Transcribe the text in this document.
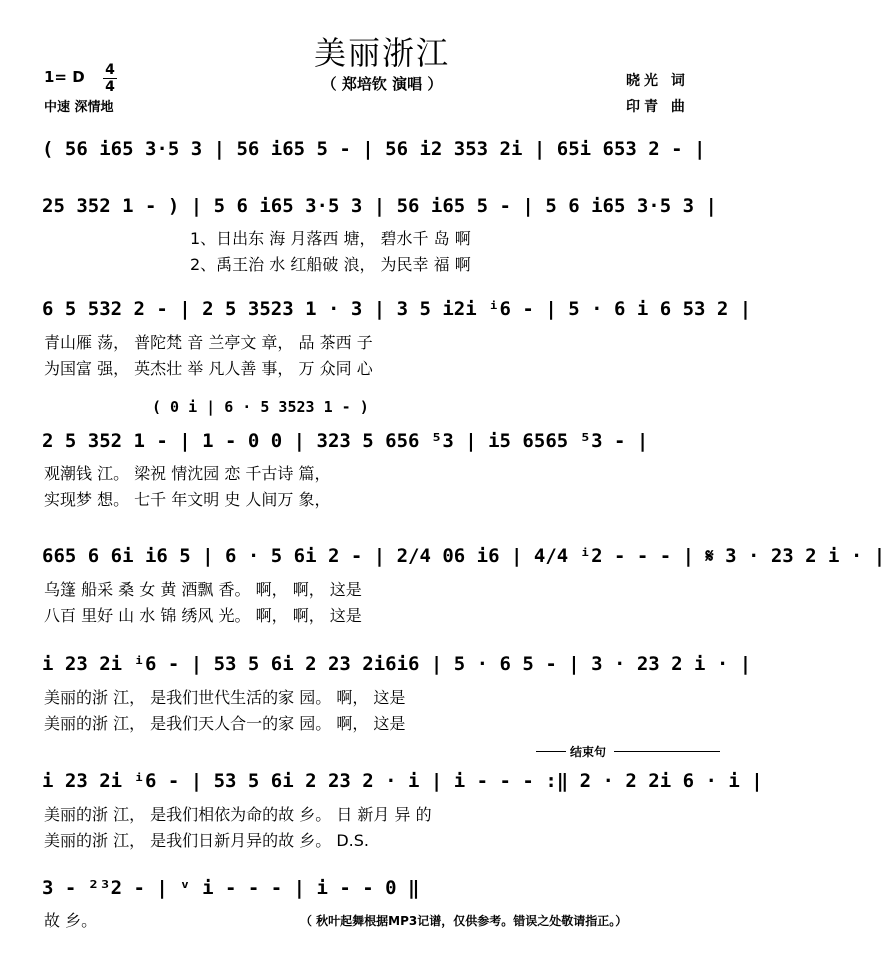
美丽浙江
（ 郑培钦 演唱 ）
1= D	4
4
中速 深情地
晓光 词
印青 曲
( 56 i65 3·5 3 | 56 i65 5 - | 56 i2 353 2i | 65i 653 2 - |
25 352 1 - ) | 5 6 i65 3·5 3 | 56 i65 5 - | 5 6 i65 3·5 3 |
1、日出东 海 月落西 塘， 碧水千 岛 啊
2、禹王治 水 红船破 浪， 为民幸 福 啊
6 5 532 2 - | 2 5 3523 1 · 3 | 3 5 i2i ⁱ6 - | 5 · 6 i 6 53 2 |
青山雁 荡， 普陀梵 音 兰亭文 章， 品 茶西 子
为国富 强， 英杰壮 举 凡人善 事， 万 众同 心
( 0 i | 6 · 5 3523 1 - )
2 5 352 1 - | 1 - 0 0 | 323 5 656 ⁵3 | i5 6565 ⁵3 - |
观潮钱 江。 梁祝 情沈园 恋 千古诗 篇，
实现梦 想。 七千 年文明 史 人间万 象，
665 6 6i i6 5 | 6 · 5 6i 2 - | 2/4 06 i6 | 4/4 ⁱ2 - - - | 𝄋 3 · 23 2 i · |
乌篷 船采 桑 女 黄 酒飘 香。 啊， 啊， 这是
八百 里好 山 水 锦 绣风 光。 啊， 啊， 这是
i 23 2i ⁱ6 - | 53 5 6i 2 23 2i6i6 | 5 · 6 5 - | 3 · 23 2 i · |
美丽的浙 江， 是我们世代生活的家 园。 啊， 这是
美丽的浙 江， 是我们天人合一的家 园。 啊， 这是
结束句
i 23 2i ⁱ6 - | 53 5 6i 2 23 2 · i | i - - - :‖ 2 · 2 2i 6 · i |
美丽的浙 江， 是我们相依为命的故 乡。 日 新月 异 的
美丽的浙 江， 是我们日新月异的故 乡。 D.S.
3 - ²³2 - | ᵛ i - - - | i - - 0 ‖
故 乡。	（ 秋叶起舞根据MP3记谱，仅供参考。错误之处敬请指正。）
